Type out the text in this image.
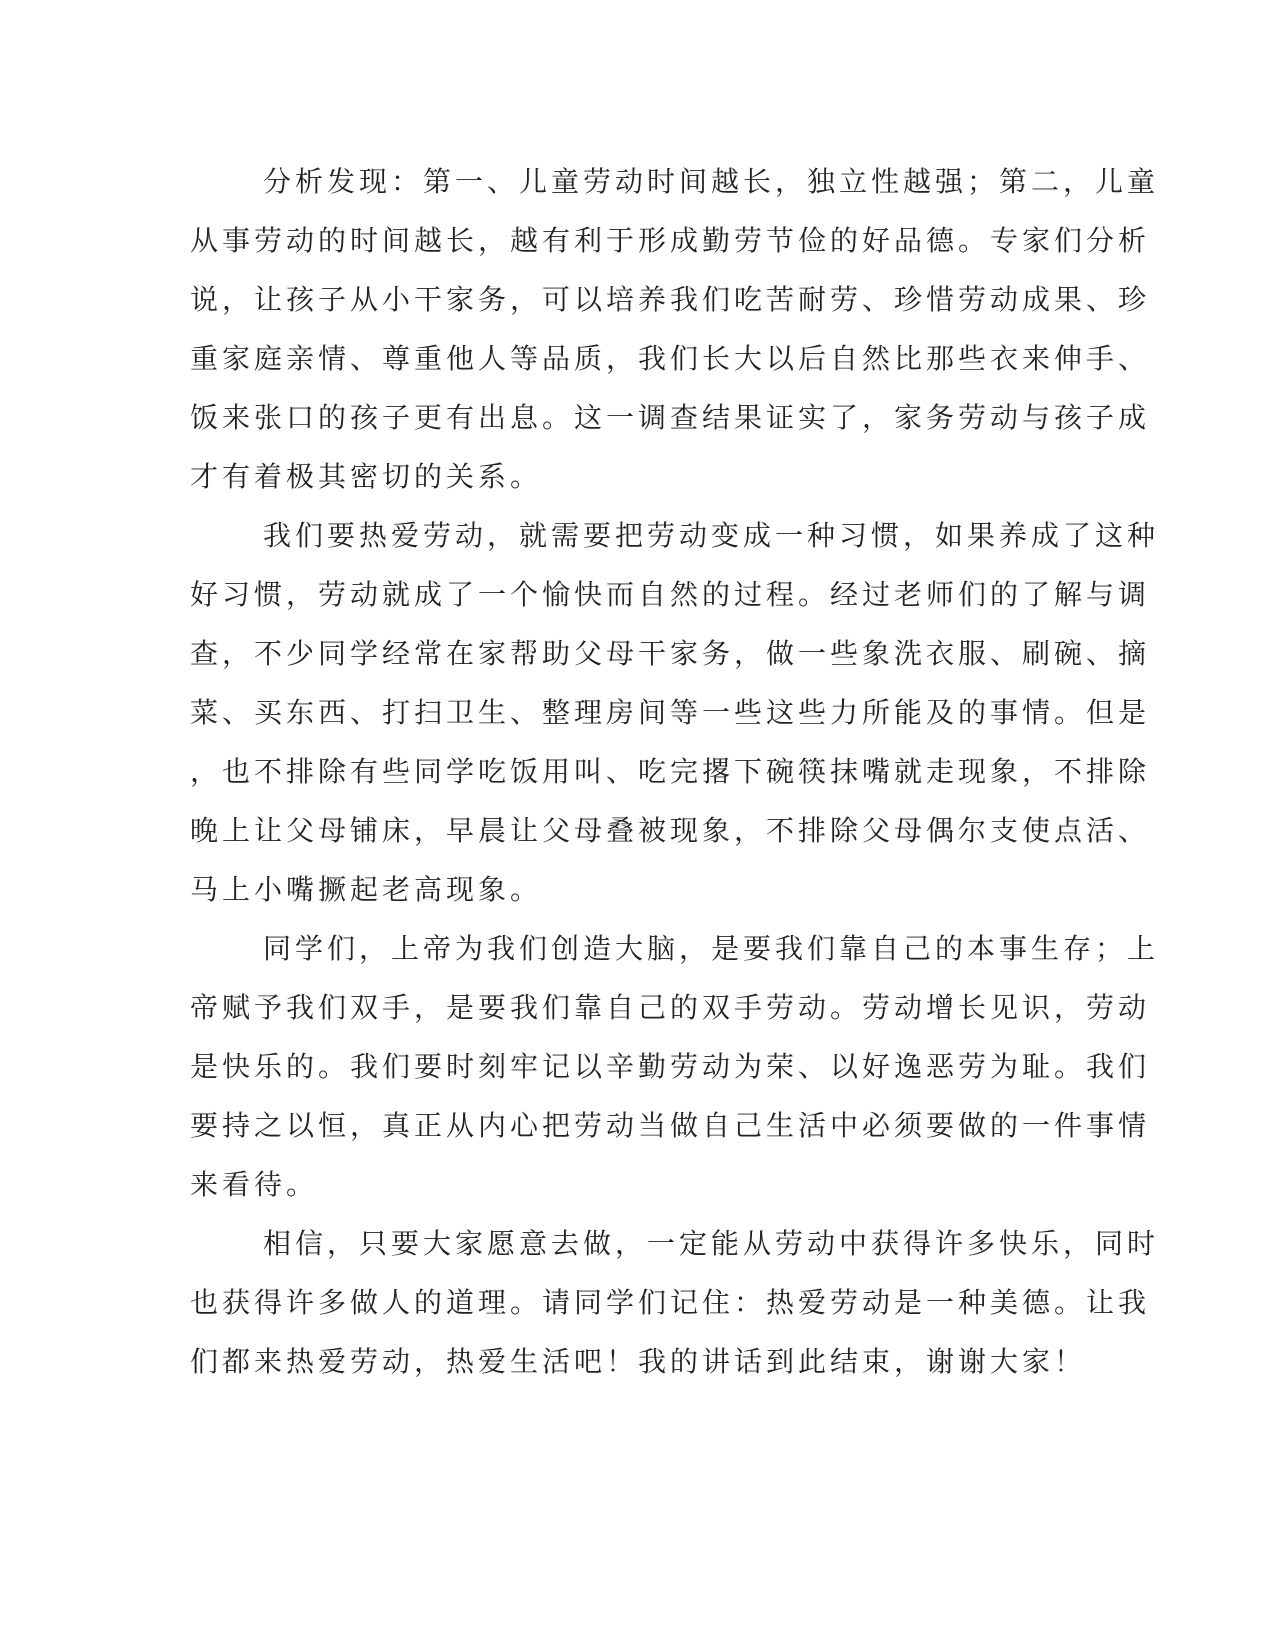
分析发现：第一、儿童劳动时间越长，独立性越强；第二，儿童
从事劳动的时间越长，越有利于形成勤劳节俭的好品德。专家们分析
说，让孩子从小干家务，可以培养我们吃苦耐劳、珍惜劳动成果、珍
重家庭亲情、尊重他人等品质，我们长大以后自然比那些衣来伸手、
饭来张口的孩子更有出息。这一调查结果证实了，家务劳动与孩子成
才有着极其密切的关系。
我们要热爱劳动，就需要把劳动变成一种习惯，如果养成了这种
好习惯，劳动就成了一个愉快而自然的过程。经过老师们的了解与调
查，不少同学经常在家帮助父母干家务，做一些象洗衣服、刷碗、摘
菜、买东西、打扫卫生、整理房间等一些这些力所能及的事情。但是
，也不排除有些同学吃饭用叫、吃完撂下碗筷抹嘴就走现象，不排除
晚上让父母铺床，早晨让父母叠被现象，不排除父母偶尔支使点活、
马上小嘴撅起老高现象。
同学们，上帝为我们创造大脑，是要我们靠自己的本事生存；上
帝赋予我们双手，是要我们靠自己的双手劳动。劳动增长见识，劳动
是快乐的。我们要时刻牢记以辛勤劳动为荣、以好逸恶劳为耻。我们
要持之以恒，真正从内心把劳动当做自己生活中必须要做的一件事情
来看待。
相信，只要大家愿意去做，一定能从劳动中获得许多快乐，同时
也获得许多做人的道理。请同学们记住：热爱劳动是一种美德。让我
们都来热爱劳动，热爱生活吧！我的讲话到此结束，谢谢大家！
